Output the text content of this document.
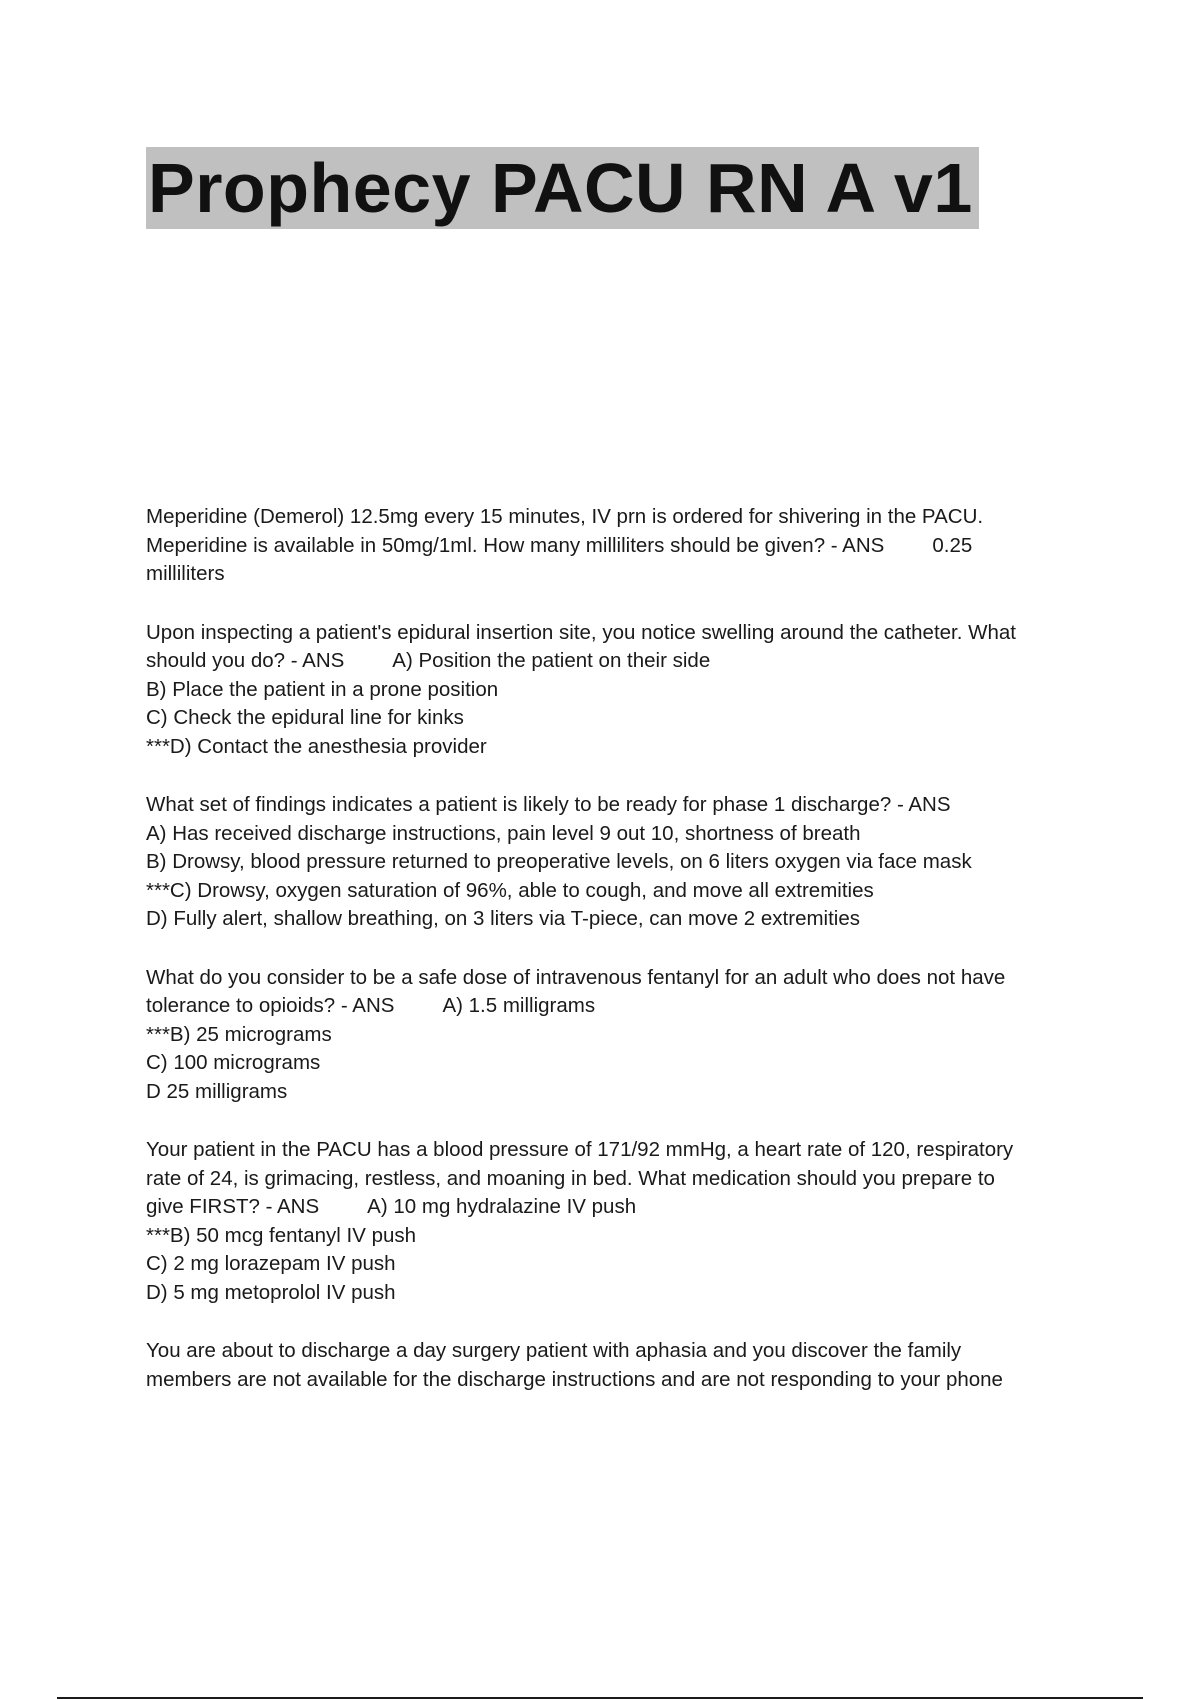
Prophecy PACU RN A v1
Meperidine (Demerol) 12.5mg every 15 minutes, IV prn is ordered for shivering in the PACU.
Meperidine is available in 50mg/1ml. How many milliliters should be given? - ANS 0.25
milliliters
Upon inspecting a patient's epidural insertion site, you notice swelling around the catheter. What
should you do? - ANS A) Position the patient on their side
B) Place the patient in a prone position
C) Check the epidural line for kinks
***D) Contact the anesthesia provider
What set of findings indicates a patient is likely to be ready for phase 1 discharge? - ANS
A) Has received discharge instructions, pain level 9 out 10, shortness of breath
B) Drowsy, blood pressure returned to preoperative levels, on 6 liters oxygen via face mask
***C) Drowsy, oxygen saturation of 96%, able to cough, and move all extremities
D) Fully alert, shallow breathing, on 3 liters via T-piece, can move 2 extremities
What do you consider to be a safe dose of intravenous fentanyl for an adult who does not have
tolerance to opioids? - ANS A) 1.5 milligrams
***B) 25 micrograms
C) 100 micrograms
D 25 milligrams
Your patient in the PACU has a blood pressure of 171/92 mmHg, a heart rate of 120, respiratory
rate of 24, is grimacing, restless, and moaning in bed. What medication should you prepare to
give FIRST? - ANS A) 10 mg hydralazine IV push
***B) 50 mcg fentanyl IV push
C) 2 mg lorazepam IV push
D) 5 mg metoprolol IV push
You are about to discharge a day surgery patient with aphasia and you discover the family
members are not available for the discharge instructions and are not responding to your phone
